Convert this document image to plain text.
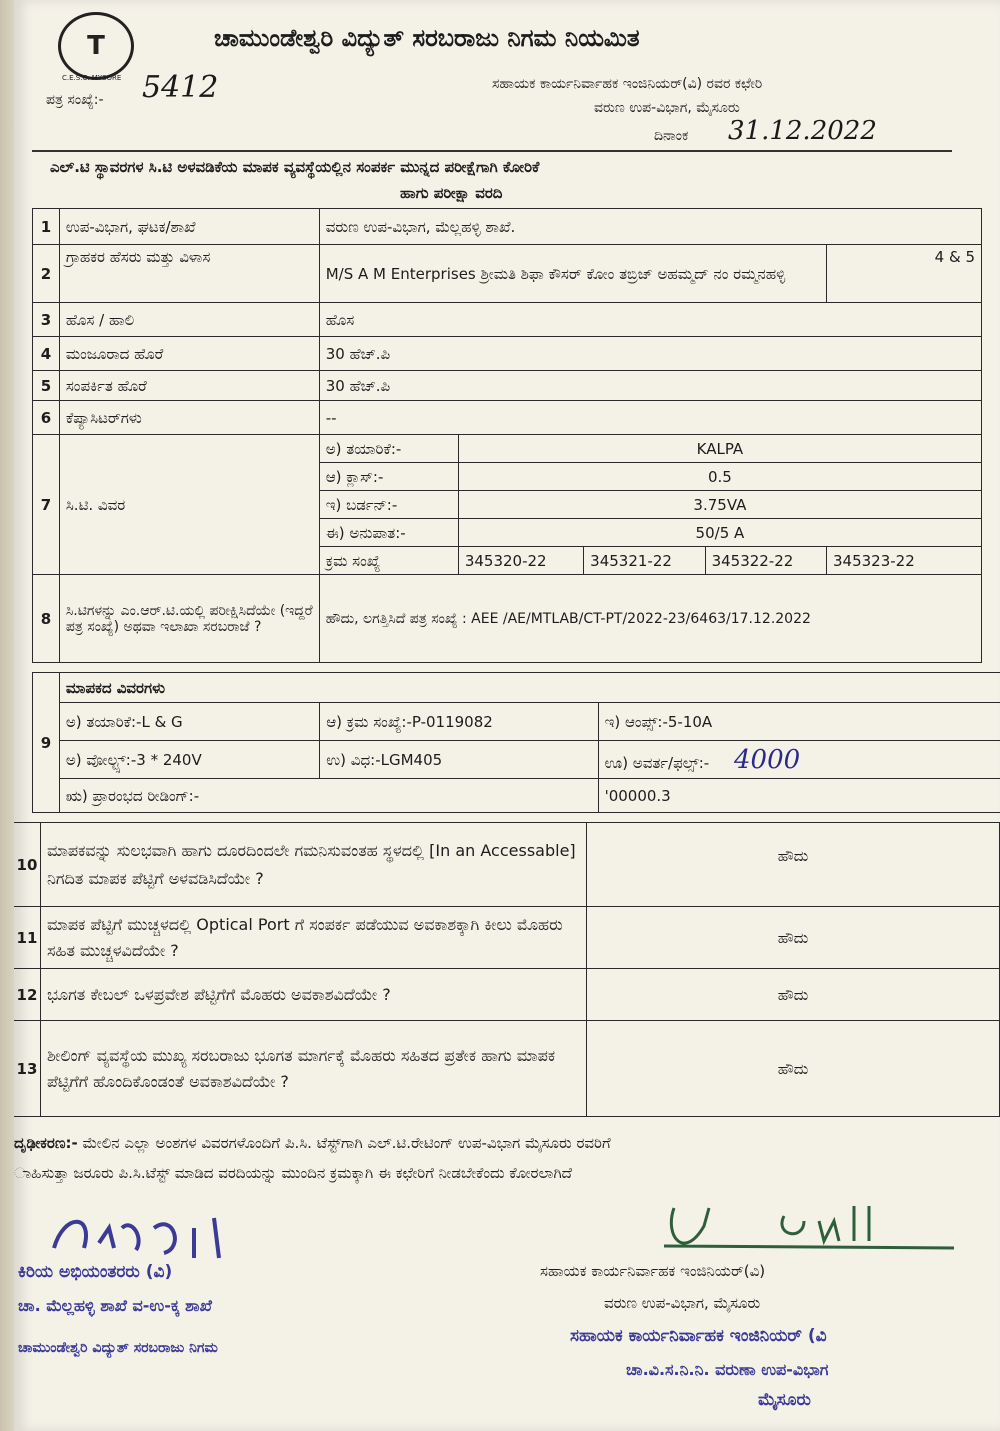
T
C.E.S.C. MYSORE
ಚಾಮುಂಡೇಶ್ವರಿ ವಿದ್ಯುತ್ ಸರಬರಾಜು ನಿಗಮ ನಿಯಮಿತ
ಪತ್ರ ಸಂಖ್ಯೆ:- 5412	ಸಹಾಯಕ ಕಾರ್ಯನಿರ್ವಾಹಕ ಇಂಜಿನಿಯರ್(ವಿ) ರವರ ಕಛೇರಿ
ವರುಣ ಉಪ-ವಿಭಾಗ, ಮೈಸೂರು
ದಿನಾಂಕ 31.12.2022
ಎಲ್.ಟಿ ಸ್ಥಾವರಗಳ ಸಿ.ಟಿ ಅಳವಡಿಕೆಯ ಮಾಪಕ ವ್ಯವಸ್ಥೆಯಲ್ಲಿನ ಸಂಪರ್ಕ ಮುನ್ನದ ಪರೀಕ್ಷೆಗಾಗಿ ಕೋರಿಕೆ
ಹಾಗು ಪರೀಕ್ಷಾ ವರದಿ
1	ಉಪ-ವಿಭಾಗ, ಘಟಕ/ಶಾಖೆ	ವರುಣ ಉಪ-ವಿಭಾಗ, ಮೆಲ್ಲಹಳ್ಳಿ ಶಾಖೆ.				
2	ಗ್ರಾಹಕರ ಹೆಸರು ಮತ್ತು ವಿಳಾಸ	M/S A M Enterprises ಶ್ರೀಮತಿ ಶಿಫಾ ಕೌಸರ್ ಕೋಂ ತಬ್ರಿಜ್ ಅಹಮ್ಮದ್ ನಂ ರಮ್ಮನಹಳ್ಳಿ				4 & 5
3	ಹೊಸ / ಹಾಲಿ	ಹೊಸ				
4	ಮಂಜೂರಾದ ಹೊರೆ	30 ಹೆಚ್.ಪಿ				
5	ಸಂಪರ್ಕಿತ ಹೊರೆ	30 ಹೆಚ್.ಪಿ				
6	ಕೆಪ್ಯಾಸಿಟರ್‌ಗಳು	--				
7	ಸಿ.ಟಿ. ವಿವರ	ಅ) ತಯಾರಿಕೆ:-	KALPA			
		ಆ) ಕ್ಲಾಸ್:-	0.5			
		ಇ) ಬರ್ಡನ್:-	3.75VA			
		ಈ) ಅನುಪಾತ:-	50/5 A			
		ಕ್ರಮ ಸಂಖ್ಯೆ	345320-22	345321-22	345322-22	345323-22
8	ಸಿ.ಟಿಗಳನ್ನು ಎಂ.ಆರ್.ಟಿ.ಯಲ್ಲಿ ಪರೀಕ್ಷಿಸಿದೆಯೇ (ಇದ್ದರೆ ಪತ್ರ ಸಂಖ್ಯೆ) ಅಥವಾ ಇಲಾಖಾ ಸರಬರಾಜೆ ?	ಹೌದು, ಲಗತ್ತಿಸಿದೆ ಪತ್ರ ಸಂಖ್ಯೆ : AEE /AE/MTLAB/CT-PT/2022-23/6463/17.12.2022				
9	ಮಾಪಕದ ವಿವರಗಳು		
	ಅ) ತಯಾರಿಕೆ:-L & G	ಆ) ಕ್ರಮ ಸಂಖ್ಯೆ:-P-0119082	ಇ) ಆಂಪ್ಸ್:-5-10A
	ಅ) ವೋಲ್ಟ್ಸ್:-3 * 240V	ಉ) ವಿಧ:-LGM405	ಊ) ಅವರ್ತ/ಫಲ್ಸ್:- 4000
	ಋ) ಪ್ರಾರಂಭದ ರೀಡಿಂಗ್:-		'00000.3
10	ಮಾಪಕವನ್ನು ಸುಲಭವಾಗಿ ಹಾಗು ದೂರದಿಂದಲೇ ಗಮನಿಸುವಂತಹ ಸ್ಥಳದಲ್ಲಿ [In an Accessable] ನಿಗದಿತ ಮಾಪಕ ಪೆಟ್ಟಿಗೆ ಅಳವಡಿಸಿದೆಯೇ ?	ಹೌದು
11	ಮಾಪಕ ಪೆಟ್ಟಿಗೆ ಮುಚ್ಚಳದಲ್ಲಿ Optical Port ಗೆ ಸಂಪರ್ಕ ಪಡೆಯುವ ಅವಕಾಶಕ್ಕಾಗಿ ಕೀಲು ಮೊಹರು ಸಹಿತ ಮುಚ್ಚಳವಿದೆಯೇ ?	ಹೌದು
12	ಭೂಗತ ಕೇಬಲ್ ಒಳಪ್ರವೇಶ ಪೆಟ್ಟಿಗೆಗೆ ಮೊಹರು ಅವಕಾಶವಿದೆಯೇ ?	ಹೌದು
13	ಶೀಲಿಂಗ್ ವ್ಯವಸ್ಥೆಯ ಮುಖ್ಯ ಸರಬರಾಜು ಭೂಗತ ಮಾರ್ಗಕ್ಕೆ ಮೊಹರು ಸಹಿತದ ಪ್ರತೇಕ ಹಾಗು ಮಾಪಕ ಪೆಟ್ಟಿಗೆಗೆ ಹೊಂದಿಕೊಂಡಂತೆ ಅವಕಾಶವಿದೆಯೇ ?	ಹೌದು
ದೃಢೀಕರಣ:- ಮೇಲಿನ ಎಲ್ಲಾ ಅಂಶಗಳ ವಿವರಗಳೊಂದಿಗೆ ಪಿ.ಸಿ. ಟೆಸ್ಟ್‌ಗಾಗಿ ಎಲ್.ಟಿ.ರೇಟಿಂಗ್ ಉಪ-ವಿಭಾಗ ಮೈಸೂರು ರವರಿಗೆ
ಾಹಿಸುತ್ತಾ ಜರೂರು ಪಿ.ಸಿ.ಟೆಸ್ಟ್ ಮಾಡಿದ ವರದಿಯನ್ನು ಮುಂದಿನ ಕ್ರಮಕ್ಕಾಗಿ ಈ ಕಛೇರಿಗೆ ನೀಡಬೇಕೆಂದು ಕೋರಲಾಗಿದೆ
ಕಿರಿಯ ಅಭಿಯಂತರರು (ವಿ)
ಚಾ. ಮೆಲ್ಲಹಳ್ಳಿ ಶಾಖೆ ವ-ಉ-ಕ್ಕ ಶಾಖೆ
ಚಾಮುಂಡೇಶ್ವರಿ ವಿದ್ಯುತ್ ಸರಬರಾಜು ನಿಗಮ
ಸಹಾಯಕ ಕಾರ್ಯನಿರ್ವಾಹಕ ಇಂಜಿನಿಯರ್(ವಿ)
ವರುಣ ಉಪ-ವಿಭಾಗ, ಮೈಸೂರು
ಸಹಾಯಕ ಕಾರ್ಯನಿರ್ವಾಹಕ ಇಂಜಿನಿಯರ್ (ವಿ
ಚಾ.ವಿ.ಸ.ನಿ.ನಿ. ವರುಣಾ ಉಪ-ವಿಭಾಗ
ಮೈಸೂರು
